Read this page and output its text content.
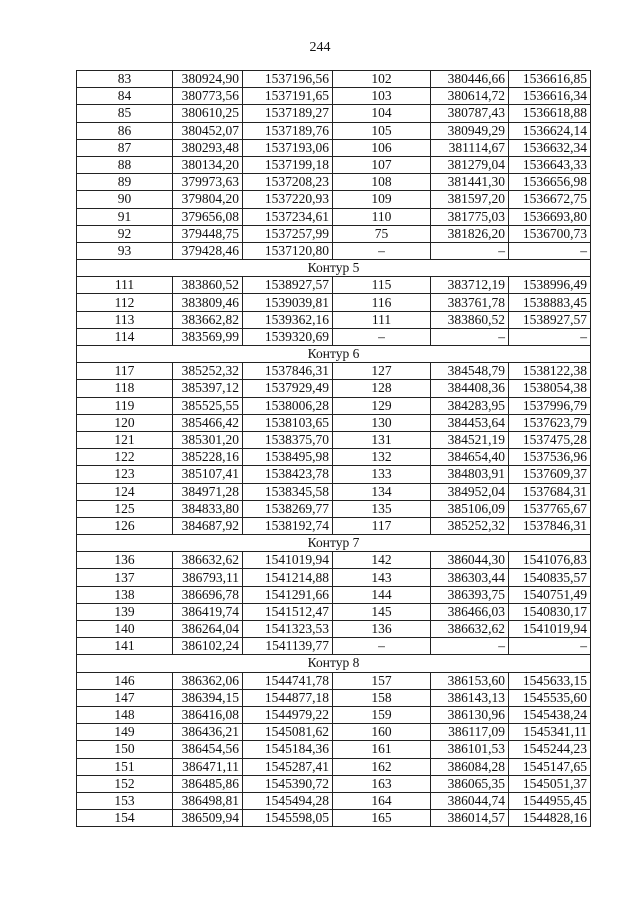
244
83	380924,90	1537196,56	102	380446,66	1536616,85
84	380773,56	1537191,65	103	380614,72	1536616,34
85	380610,25	1537189,27	104	380787,43	1536618,88
86	380452,07	1537189,76	105	380949,29	1536624,14
87	380293,48	1537193,06	106	381114,67	1536632,34
88	380134,20	1537199,18	107	381279,04	1536643,33
89	379973,63	1537208,23	108	381441,30	1536656,98
90	379804,20	1537220,93	109	381597,20	1536672,75
91	379656,08	1537234,61	110	381775,03	1536693,80
92	379448,75	1537257,99	75	381826,20	1536700,73
93	379428,46	1537120,80	–	–	–
Контур 5					
111	383860,52	1538927,57	115	383712,19	1538996,49
112	383809,46	1539039,81	116	383761,78	1538883,45
113	383662,82	1539362,16	111	383860,52	1538927,57
114	383569,99	1539320,69	–	–	–
Контур 6					
117	385252,32	1537846,31	127	384548,79	1538122,38
118	385397,12	1537929,49	128	384408,36	1538054,38
119	385525,55	1538006,28	129	384283,95	1537996,79
120	385466,42	1538103,65	130	384453,64	1537623,79
121	385301,20	1538375,70	131	384521,19	1537475,28
122	385228,16	1538495,98	132	384654,40	1537536,96
123	385107,41	1538423,78	133	384803,91	1537609,37
124	384971,28	1538345,58	134	384952,04	1537684,31
125	384833,80	1538269,77	135	385106,09	1537765,67
126	384687,92	1538192,74	117	385252,32	1537846,31
Контур 7					
136	386632,62	1541019,94	142	386044,30	1541076,83
137	386793,11	1541214,88	143	386303,44	1540835,57
138	386696,78	1541291,66	144	386393,75	1540751,49
139	386419,74	1541512,47	145	386466,03	1540830,17
140	386264,04	1541323,53	136	386632,62	1541019,94
141	386102,24	1541139,77	–	–	–
Контур 8					
146	386362,06	1544741,78	157	386153,60	1545633,15
147	386394,15	1544877,18	158	386143,13	1545535,60
148	386416,08	1544979,22	159	386130,96	1545438,24
149	386436,21	1545081,62	160	386117,09	1545341,11
150	386454,56	1545184,36	161	386101,53	1545244,23
151	386471,11	1545287,41	162	386084,28	1545147,65
152	386485,86	1545390,72	163	386065,35	1545051,37
153	386498,81	1545494,28	164	386044,74	1544955,45
154	386509,94	1545598,05	165	386014,57	1544828,16
